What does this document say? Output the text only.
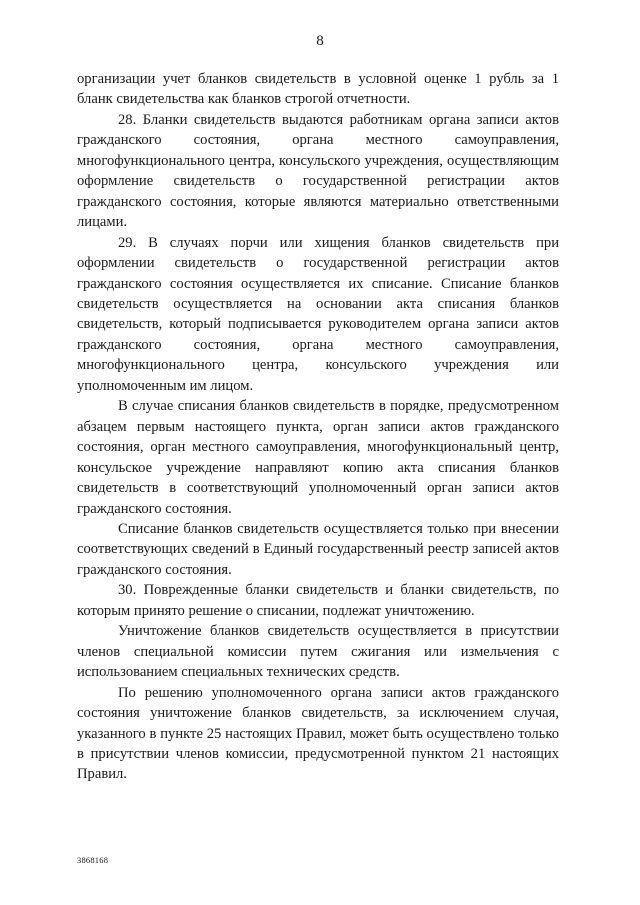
8

организации учет бланков свидетельств в условной оценке 1 рубль за 1 бланк свидетельства как бланков строгой отчетности.

28. Бланки свидетельств выдаются работникам органа записи актов гражданского состояния, органа местного самоуправления, многофункционального центра, консульского учреждения, осуществляющим оформление свидетельств о государственной регистрации актов гражданского состояния, которые являются материально ответственными лицами.

29. В случаях порчи или хищения бланков свидетельств при оформлении свидетельств о государственной регистрации актов гражданского состояния осуществляется их списание. Списание бланков свидетельств осуществляется на основании акта списания бланков свидетельств, который подписывается руководителем органа записи актов гражданского состояния, органа местного самоуправления, многофункционального центра, консульского учреждения или уполномоченным им лицом.

В случае списания бланков свидетельств в порядке, предусмотренном абзацем первым настоящего пункта, орган записи актов гражданского состояния, орган местного самоуправления, многофункциональный центр, консульское учреждение направляют копию акта списания бланков свидетельств в соответствующий уполномоченный орган записи актов гражданского состояния.

Списание бланков свидетельств осуществляется только при внесении соответствующих сведений в Единый государственный реестр записей актов гражданского состояния.

30. Поврежденные бланки свидетельств и бланки свидетельств, по которым принято решение о списании, подлежат уничтожению.

Уничтожение бланков свидетельств осуществляется в присутствии членов специальной комиссии путем сжигания или измельчения с использованием специальных технических средств.

По решению уполномоченного органа записи актов гражданского состояния уничтожение бланков свидетельств, за исключением случая, указанного в пункте 25 настоящих Правил, может быть осуществлено только в присутствии членов комиссии, предусмотренной пунктом 21 настоящих Правил.

3868168
